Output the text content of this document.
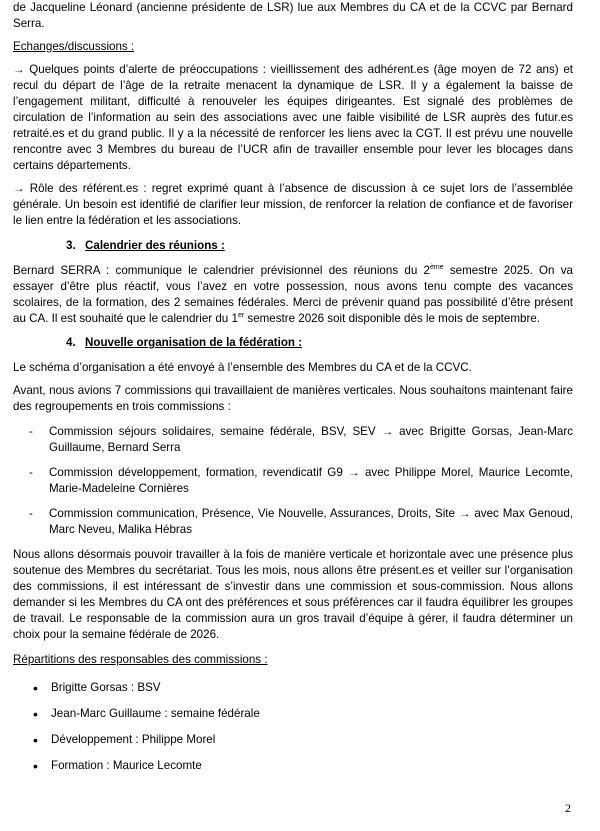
de Jacqueline Léonard (ancienne présidente de LSR) lue aux Membres du CA et de la CCVC par Bernard Serra.

Echanges/discussions :

→ Quelques points d’alerte de préoccupations : vieillissement des adhérent.es (âge moyen de 72 ans) et recul du départ de l’âge de la retraite menacent la dynamique de LSR. Il y a également la baisse de l’engagement militant, difficulté à renouveler les équipes dirigeantes. Est signalé des problèmes de circulation de l’information au sein des associations avec une faible visibilité de LSR auprès des futur.es retraité.es et du grand public. Il y a la nécessité de renforcer les liens avec la CGT. Il est prévu une nouvelle rencontre avec 3 Membres du bureau de l’UCR afin de travailler ensemble pour lever les blocages dans certains départements.

→ Rôle des référent.es : regret exprimé quant à l’absence de discussion à ce sujet lors de l’assemblée générale. Un besoin est identifié de clarifier leur mission, de renforcer la relation de confiance et de favoriser le lien entre la fédération et les associations.

3. Calendrier des réunions :

Bernard SERRA : communique le calendrier prévisionnel des réunions du 2ème semestre 2025. On va essayer d’être plus réactif, vous l’avez en votre possession, nous avons tenu compte des vacances scolaires, de la formation, des 2 semaines fédérales. Merci de prévenir quand pas possibilité d’être présent au CA. Il est souhaité que le calendrier du 1er semestre 2026 soit disponible dès le mois de septembre.

4. Nouvelle organisation de la fédération :

Le schéma d’organisation a été envoyé à l’ensemble des Membres du CA et de la CCVC.

Avant, nous avions 7 commissions qui travaillaient de manières verticales. Nous souhaitons maintenant faire des regroupements en trois commissions :

-	Commission séjours solidaires, semaine fédérale, BSV, SEV → avec Brigitte Gorsas, Jean-Marc Guillaume, Bernard Serra
-	Commission développement, formation, revendicatif G9 → avec Philippe Morel, Maurice Lecomte, Marie-Madeleine Cornières
-	Commission communication, Présence, Vie Nouvelle, Assurances, Droits, Site → avec Max Genoud, Marc Neveu, Malika Hébras

Nous allons désormais pouvoir travailler à la fois de manière verticale et horizontale avec une présence plus soutenue des Membres du secrétariat. Tous les mois, nous allons être présent.es et veiller sur l’organisation des commissions, il est intéressant de s’investir dans une commission et sous-commission. Nous allons demander si les Membres du CA ont des préférences et sous préférences car il faudra équilibrer les groupes de travail. Le responsable de la commission aura un gros travail d’équipe à gérer, il faudra déterminer un choix pour la semaine fédérale de 2026.

Répartitions des responsables des commissions :

•	Brigitte Gorsas : BSV
•	Jean-Marc Guillaume : semaine fédérale
•	Développement : Philippe Morel
•	Formation : Maurice Lecomte
2
